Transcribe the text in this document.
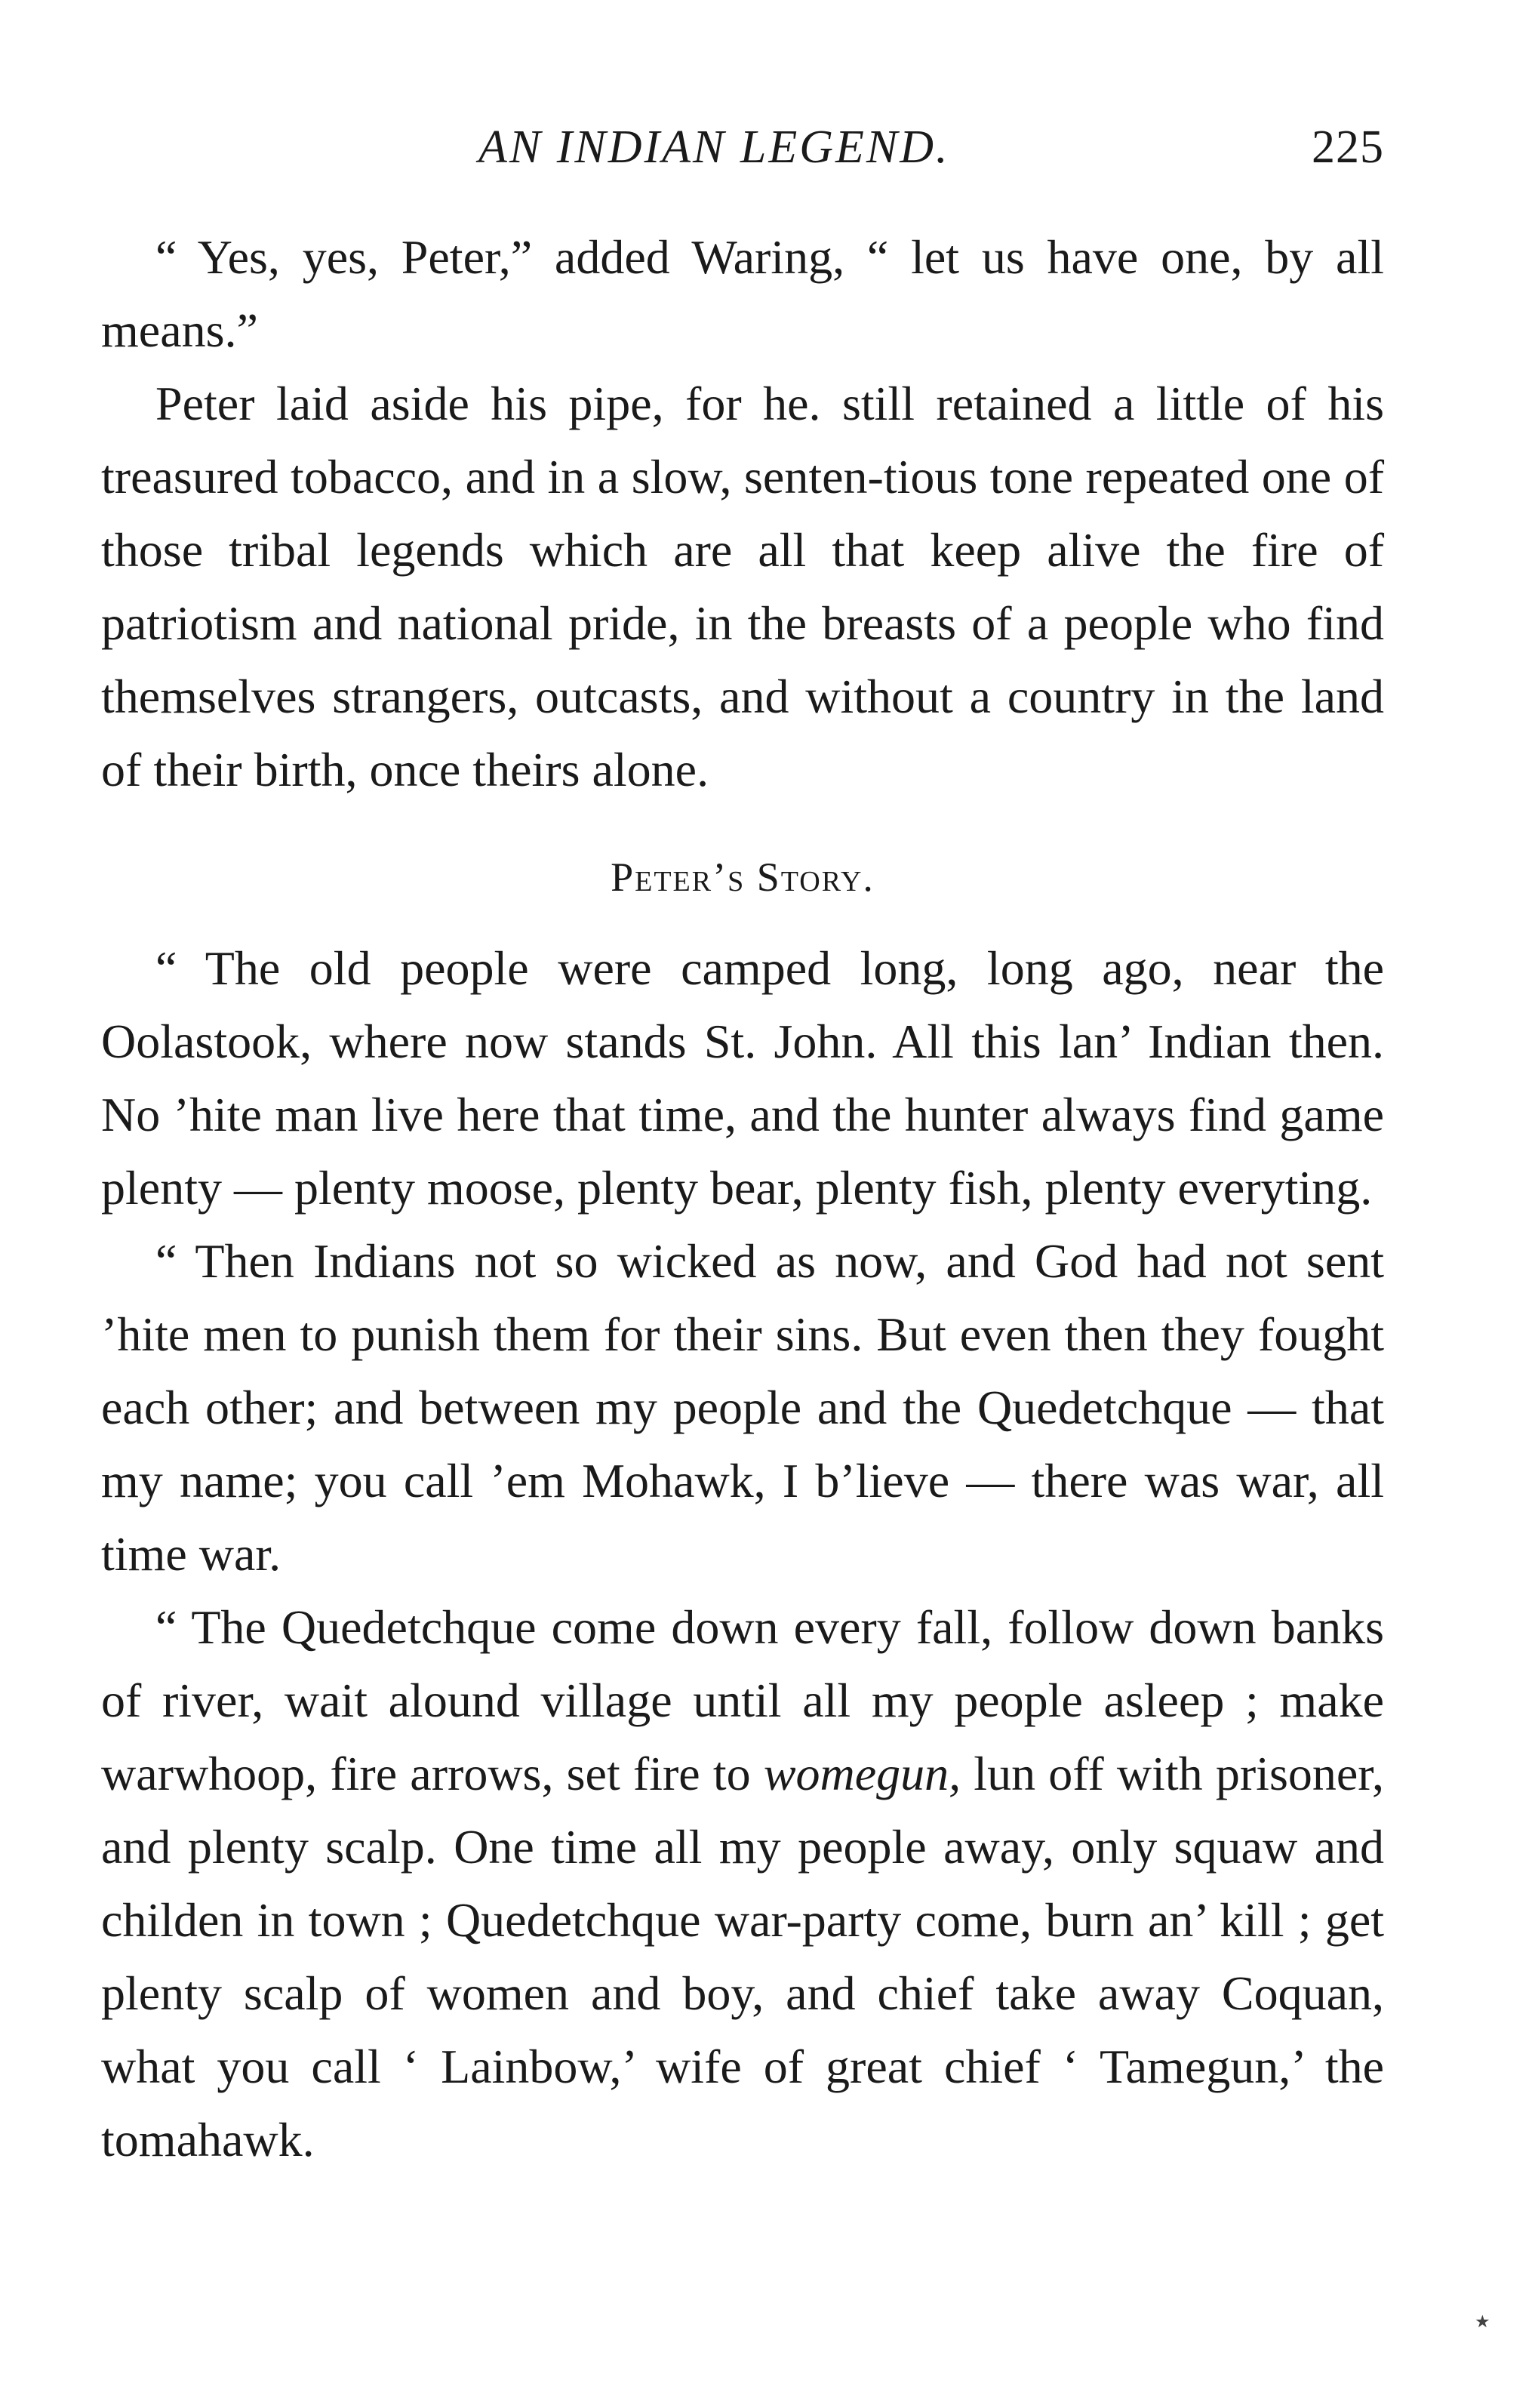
AN INDIAN LEGEND.	225

“ Yes, yes, Peter,” added Waring, “ let us have one, by all means.”

Peter laid aside his pipe, for he. still retained a little of his treasured tobacco, and in a slow, senten-tious tone repeated one of those tribal legends which are all that keep alive the fire of patriotism and national pride, in the breasts of a people who find themselves strangers, outcasts, and without a country in the land of their birth, once theirs alone.

Peter’s Story.

“ The old people were camped long, long ago, near the Oolastook, where now stands St. John. All this lan’ Indian then. No ’hite man live here that time, and the hunter always find game plenty — plenty moose, plenty bear, plenty fish, plenty everyting.

“ Then Indians not so wicked as now, and God had not sent ’hite men to punish them for their sins. But even then they fought each other; and between my people and the Quedetchque — that my name; you call ’em Mohawk, I b’lieve — there was war, all time war.

“ The Quedetchque come down every fall, follow down banks of river, wait alound village until all my people asleep ; make warwhoop, fire arrows, set fire to womegun, lun off with prisoner, and plenty scalp. One time all my people away, only squaw and childen in town ; Quedetchque war-party come, burn an’ kill ; get plenty scalp of women and boy, and chief take away Coquan, what you call ‘ Lainbow,’ wife of great chief ‘ Tamegun,’ the tomahawk.

٭
